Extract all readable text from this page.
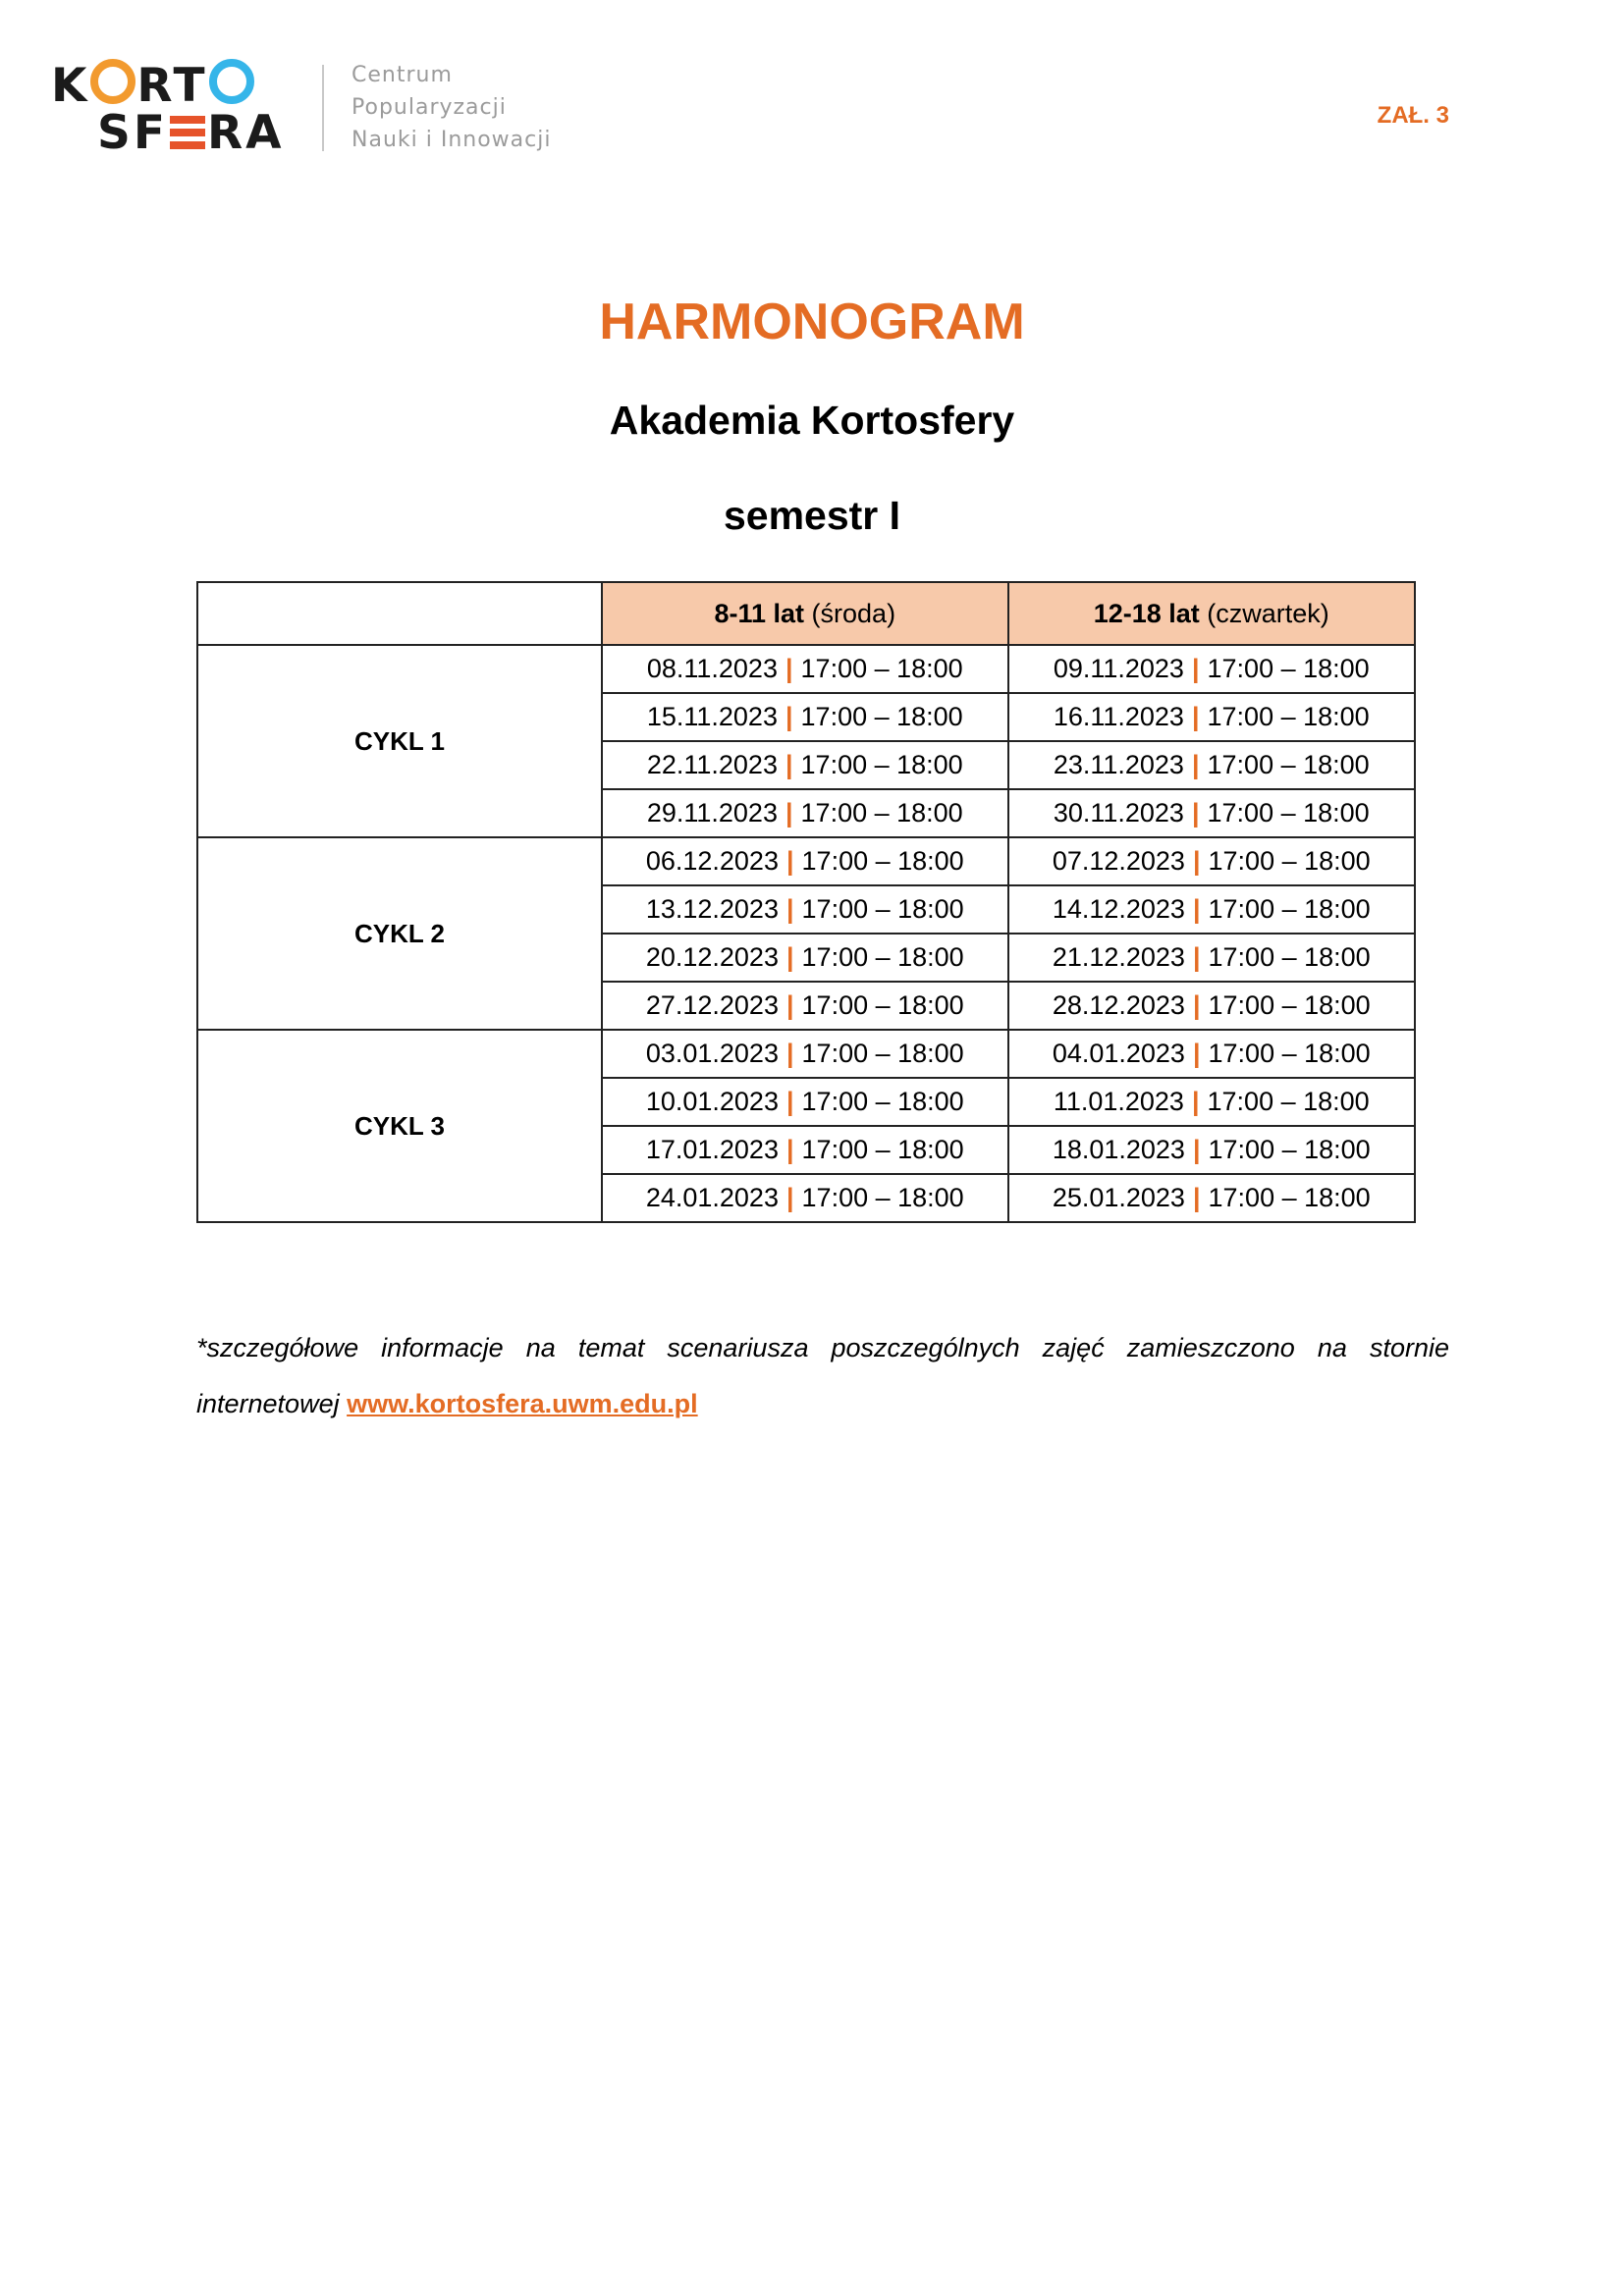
K RT
SF RA
Centrum
Popularyzacji
Nauki i Innowacji
ZAŁ. 3
HARMONOGRAM
Akademia Kortosfery
semestr I
	8-11 lat (środa)	12-18 lat (czwartek)
CYKL 1	08.11.2023 | 17:00 – 18:00	09.11.2023 | 17:00 – 18:00
	15.11.2023 | 17:00 – 18:00	16.11.2023 | 17:00 – 18:00
	22.11.2023 | 17:00 – 18:00	23.11.2023 | 17:00 – 18:00
	29.11.2023 | 17:00 – 18:00	30.11.2023 | 17:00 – 18:00
CYKL 2	06.12.2023 | 17:00 – 18:00	07.12.2023 | 17:00 – 18:00
	13.12.2023 | 17:00 – 18:00	14.12.2023 | 17:00 – 18:00
	20.12.2023 | 17:00 – 18:00	21.12.2023 | 17:00 – 18:00
	27.12.2023 | 17:00 – 18:00	28.12.2023 | 17:00 – 18:00
CYKL 3	03.01.2023 | 17:00 – 18:00	04.01.2023 | 17:00 – 18:00
	10.01.2023 | 17:00 – 18:00	11.01.2023 | 17:00 – 18:00
	17.01.2023 | 17:00 – 18:00	18.01.2023 | 17:00 – 18:00
	24.01.2023 | 17:00 – 18:00	25.01.2023 | 17:00 – 18:00
*szczegółowe informacje na temat scenariusza poszczególnych zajęć zamieszczono na stornie internetowej www.kortosfera.uwm.edu.pl
